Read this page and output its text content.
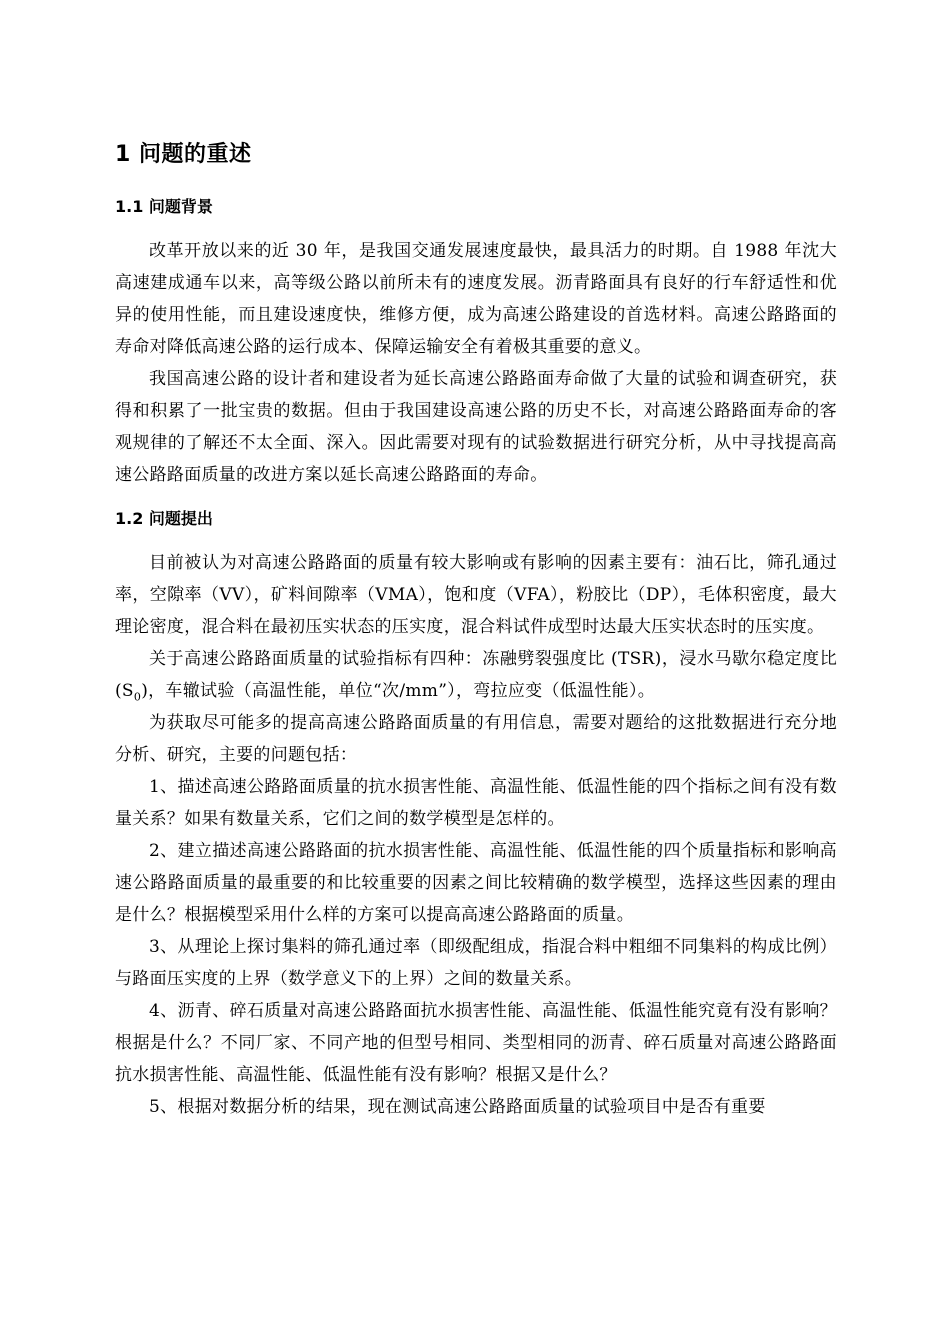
1 问题的重述
1.1 问题背景

改革开放以来的近 30 年，是我国交通发展速度最快，最具活力的时期。自 1988 年沈大高速建成通车以来，高等级公路以前所未有的速度发展。沥青路面具有良好的行车舒适性和优异的使用性能，而且建设速度快，维修方便，成为高速公路建设的首选材料。高速公路路面的寿命对降低高速公路的运行成本、保障运输安全有着极其重要的意义。

我国高速公路的设计者和建设者为延长高速公路路面寿命做了大量的试验和调查研究，获得和积累了一批宝贵的数据。但由于我国建设高速公路的历史不长，对高速公路路面寿命的客观规律的了解还不太全面、深入。因此需要对现有的试验数据进行研究分析，从中寻找提高高速公路路面质量的改进方案以延长高速公路路面的寿命。

1.2 问题提出

目前被认为对高速公路路面的质量有较大影响或有影响的因素主要有：油石比，筛孔通过率，空隙率（VV），矿料间隙率（VMA），饱和度（VFA），粉胶比（DP），毛体积密度，最大理论密度，混合料在最初压实状态的压实度，混合料试件成型时达最大压实状态时的压实度。

关于高速公路路面质量的试验指标有四种：冻融劈裂强度比 (TSR)，浸水马歇尔稳定度比$(S_0)$，车辙试验（高温性能，单位“次/mm”），弯拉应变（低温性能）。

为获取尽可能多的提高高速公路路面质量的有用信息，需要对题给的这批数据进行充分地分析、研究，主要的问题包括：

1、描述高速公路路面质量的抗水损害性能、高温性能、低温性能的四个指标之间有没有数量关系？如果有数量关系，它们之间的数学模型是怎样的。

2、建立描述高速公路路面的抗水损害性能、高温性能、低温性能的四个质量指标和影响高速公路路面质量的最重要的和比较重要的因素之间比较精确的数学模型，选择这些因素的理由是什么？根据模型采用什么样的方案可以提高高速公路路面的质量。

3、从理论上探讨集料的筛孔通过率（即级配组成，指混合料中粗细不同集料的构成比例）与路面压实度的上界（数学意义下的上界）之间的数量关系。

4、沥青、碎石质量对高速公路路面抗水损害性能、高温性能、低温性能究竟有没有影响？根据是什么？不同厂家、不同产地的但型号相同、类型相同的沥青、碎石质量对高速公路路面抗水损害性能、高温性能、低温性能有没有影响？根据又是什么？

5、根据对数据分析的结果，现在测试高速公路路面质量的试验项目中是否有重要
